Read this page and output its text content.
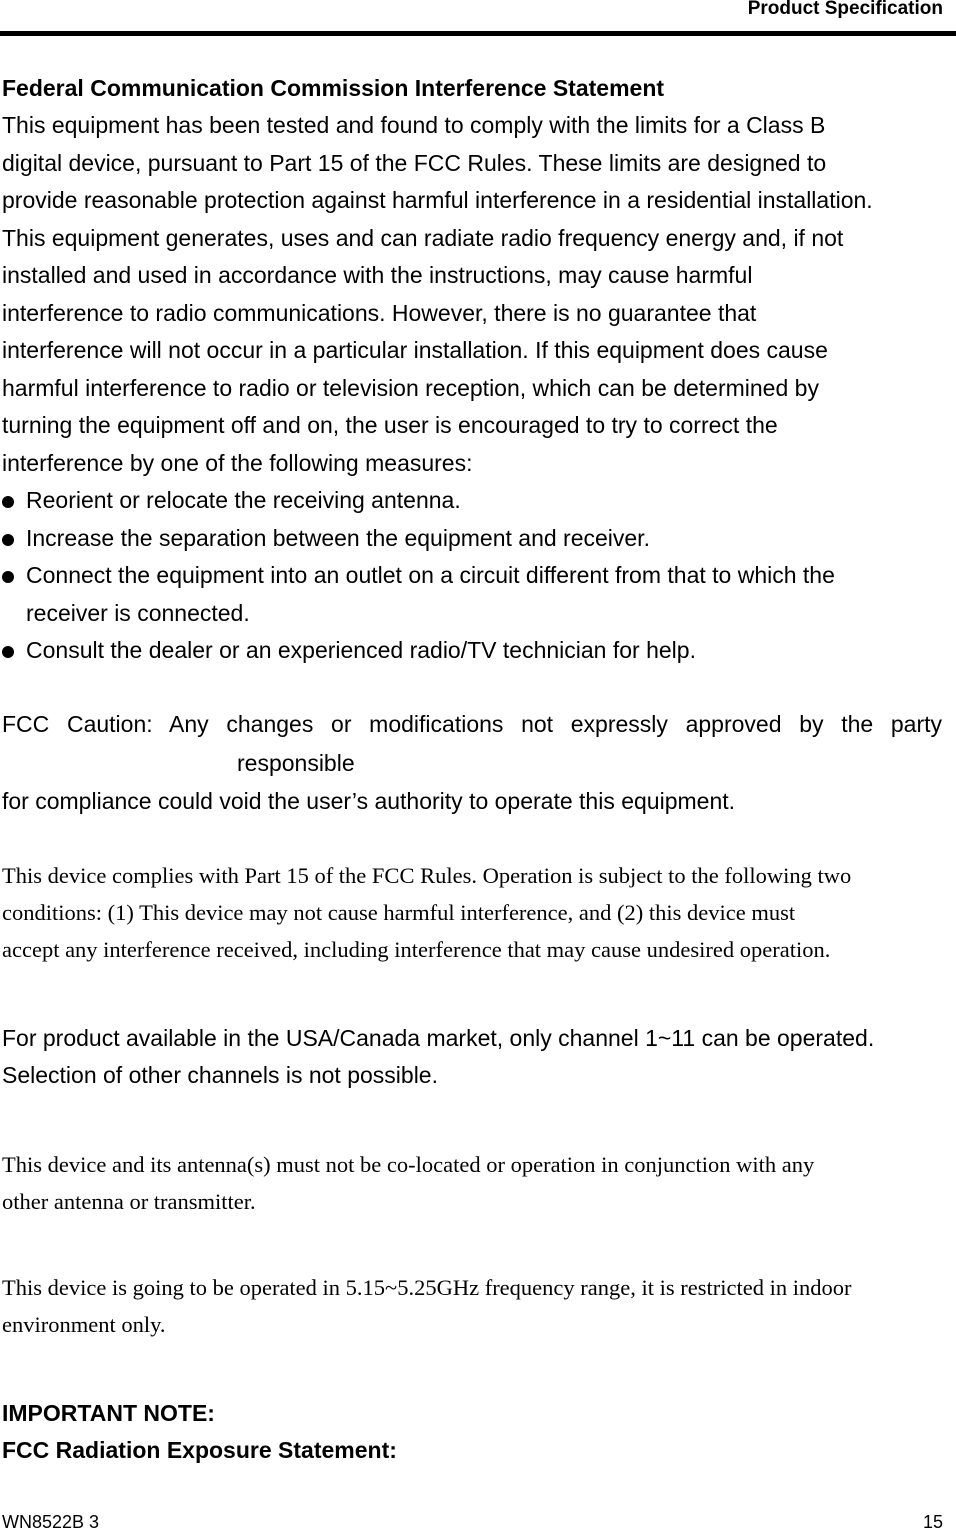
Product Specification
Federal Communication Commission Interference Statement
This equipment has been tested and found to comply with the limits for a Class B
digital device, pursuant to Part 15 of the FCC Rules. These limits are designed to
provide reasonable protection against harmful interference in a residential installation.
This equipment generates, uses and can radiate radio frequency energy and, if not
installed and used in accordance with the instructions, may cause harmful
interference to radio communications. However, there is no guarantee that
interference will not occur in a particular installation. If this equipment does cause
harmful interference to radio or television reception, which can be determined by
turning the equipment off and on, the user is encouraged to try to correct the
interference by one of the following measures:
Reorient or relocate the receiving antenna.
Increase the separation between the equipment and receiver.
Connect the equipment into an outlet on a circuit different from that to which the
receiver is connected.
Consult the dealer or an experienced radio/TV technician for help.
FCC Caution: Any changes or modifications not expressly approved by the party
responsible
for compliance could void the user’s authority to operate this equipment.
This device complies with Part 15 of the FCC Rules. Operation is subject to the following two
conditions: (1) This device may not cause harmful interference, and (2) this device must
accept any interference received, including interference that may cause undesired operation.
For product available in the USA/Canada market, only channel 1~11 can be operated.
Selection of other channels is not possible.
This device and its antenna(s) must not be co-located or operation in conjunction with any
other antenna or transmitter.
This device is going to be operated in 5.15~5.25GHz frequency range, it is restricted in indoor
environment only.
IMPORTANT NOTE:
FCC Radiation Exposure Statement:
WN8522B 3	15
